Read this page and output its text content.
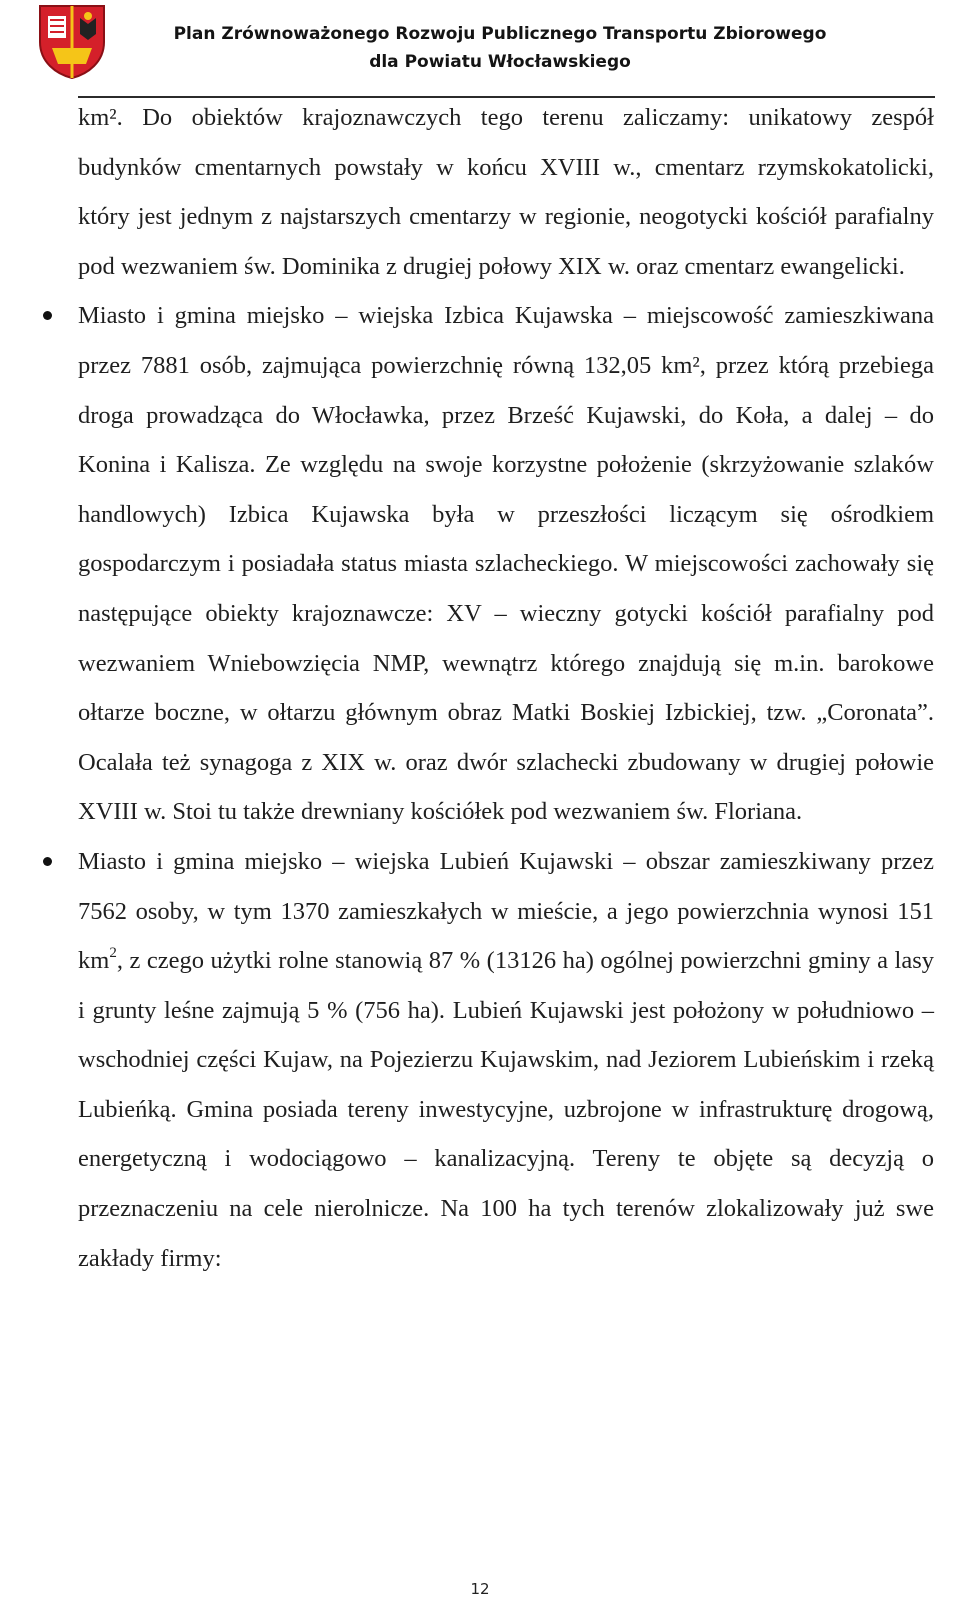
Plan Zrównoważonego Rozwoju Publicznego Transportu Zbiorowego
dla Powiatu Włocławskiego

km². Do obiektów krajoznawczych tego terenu zaliczamy: unikatowy zespół budynków cmentarnych powstały w końcu XVIII w., cmentarz rzymskokatolicki, który jest jednym z najstarszych cmentarzy w regionie, neogotycki kościół parafialny pod wezwaniem św. Dominika z drugiej połowy XIX w. oraz cmentarz ewangelicki.

Miasto i gmina miejsko – wiejska Izbica Kujawska – miejscowość zamieszkiwana przez 7881 osób, zajmująca powierzchnię równą 132,05 km², przez którą przebiega droga prowadząca do Włocławka, przez Brześć Kujawski, do Koła, a dalej – do Konina i Kalisza. Ze względu na swoje korzystne położenie (skrzyżowanie szlaków handlowych) Izbica Kujawska była w przeszłości liczącym się ośrodkiem gospodarczym i posiadała status miasta szlacheckiego. W miejscowości zachowały się następujące obiekty krajoznawcze: XV – wieczny gotycki kościół parafialny pod wezwaniem Wniebowzięcia NMP, wewnątrz którego znajdują się m.in. barokowe ołtarze boczne, w ołtarzu głównym obraz Matki Boskiej Izbickiej, tzw. „Coronata”. Ocalała też synagoga z XIX w. oraz dwór szlachecki zbudowany w drugiej połowie XVIII w. Stoi tu także drewniany kościółek pod wezwaniem św. Floriana.
Miasto i gmina miejsko – wiejska Lubień Kujawski – obszar zamieszkiwany przez 7562 osoby, w tym 1370 zamieszkałych w mieście, a jego powierzchnia wynosi 151 $km^2$, z czego użytki rolne stanowią 87 % (13126 ha) ogólnej powierzchni gminy a lasy i grunty leśne zajmują 5 % (756 ha). Lubień Kujawski jest położony w południowo – wschodniej części Kujaw, na Pojezierzu Kujawskim, nad Jeziorem Lubieńskim i rzeką Lubieńką. Gmina posiada tereny inwestycyjne, uzbrojone w infrastrukturę drogową, energetyczną i wodociągowo – kanalizacyjną. Tereny te objęte są decyzją o przeznaczeniu na cele nierolnicze. Na 100 ha tych terenów zlokalizowały już swe zakłady firmy:
12
